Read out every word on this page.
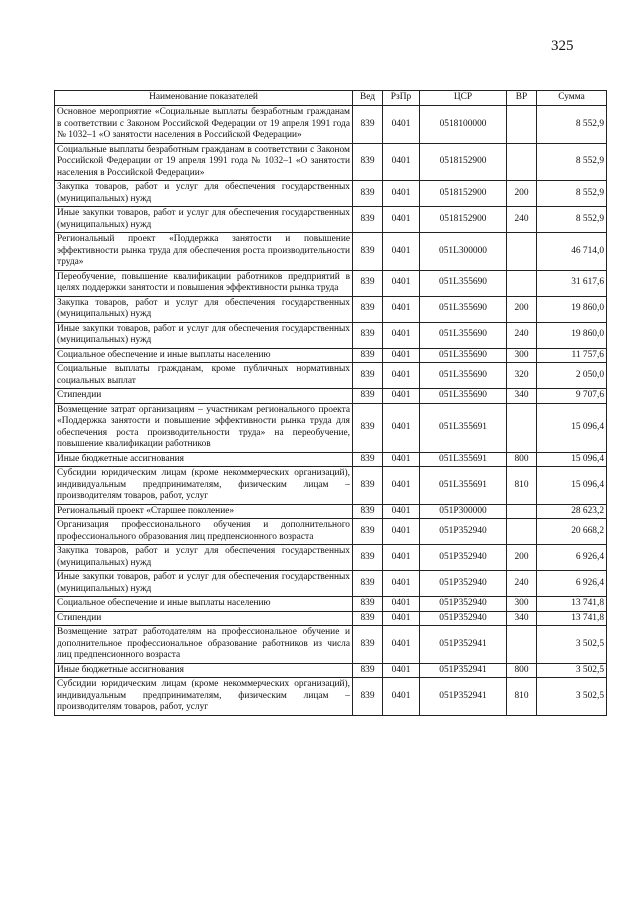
325
Наименование показателей	Вед	РзПр	ЦСР	ВР	Сумма
Основное мероприятие «Социальные выплаты безработным гражданам в соответствии с Законом Российской Федерации от 19 апреля 1991 года № 1032–1 «О занятости населения в Российской Федерации»	839	0401	0518100000		8 552,9
Социальные выплаты безработным гражданам в соответствии с Законом Российской Федерации от 19 апреля 1991 года № 1032–1 «О занятости населения в Российской Федерации»	839	0401	0518152900		8 552,9
Закупка товаров, работ и услуг для обеспечения государственных (муниципальных) нужд	839	0401	0518152900	200	8 552,9
Иные закупки товаров, работ и услуг для обеспечения государственных (муниципальных) нужд	839	0401	0518152900	240	8 552,9
Региональный проект «Поддержка занятости и повышение эффективности рынка труда для обеспечения роста производительности труда»	839	0401	051L300000		46 714,0
Переобучение, повышение квалификации работников предприятий в целях поддержки занятости и повышения эффективности рынка труда	839	0401	051L355690		31 617,6
Закупка товаров, работ и услуг для обеспечения государственных (муниципальных) нужд	839	0401	051L355690	200	19 860,0
Иные закупки товаров, работ и услуг для обеспечения государственных (муниципальных) нужд	839	0401	051L355690	240	19 860,0
Социальное обеспечение и иные выплаты населению	839	0401	051L355690	300	11 757,6
Социальные выплаты гражданам, кроме публичных нормативных социальных выплат	839	0401	051L355690	320	2 050,0
Стипендии	839	0401	051L355690	340	9 707,6
Возмещение затрат организациям – участникам регионального проекта «Поддержка занятости и повышение эффективности рынка труда для обеспечения роста производительности труда» на переобучение, повышение квалификации работников	839	0401	051L355691		15 096,4
Иные бюджетные ассигнования	839	0401	051L355691	800	15 096,4
Субсидии юридическим лицам (кроме некоммерческих организаций), индивидуальным предпринимателям, физическим лицам – производителям товаров, работ, услуг	839	0401	051L355691	810	15 096,4
Региональный проект «Старшее поколение»	839	0401	051P300000		28 623,2
Организация профессионального обучения и дополнительного профессионального образования лиц предпенсионного возраста	839	0401	051P352940		20 668,2
Закупка товаров, работ и услуг для обеспечения государственных (муниципальных) нужд	839	0401	051P352940	200	6 926,4
Иные закупки товаров, работ и услуг для обеспечения государственных (муниципальных) нужд	839	0401	051P352940	240	6 926,4
Социальное обеспечение и иные выплаты населению	839	0401	051P352940	300	13 741,8
Стипендии	839	0401	051P352940	340	13 741,8
Возмещение затрат работодателям на профессиональное обучение и дополнительное профессиональное образование работников из числа лиц предпенсионного возраста	839	0401	051P352941		3 502,5
Иные бюджетные ассигнования	839	0401	051P352941	800	3 502,5
Субсидии юридическим лицам (кроме некоммерческих организаций), индивидуальным предпринимателям, физическим лицам – производителям товаров, работ, услуг	839	0401	051P352941	810	3 502,5
